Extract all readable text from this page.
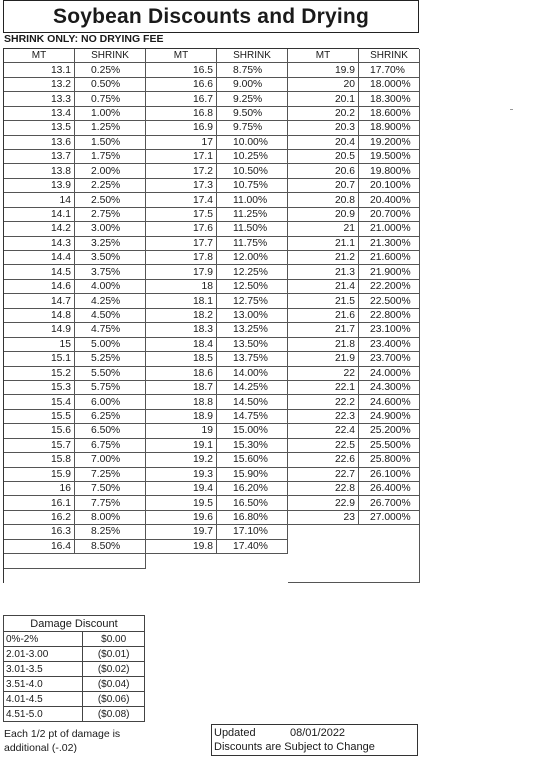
Soybean Discounts and Drying
SHRINK ONLY: NO DRYING FEE
MT	SHRINK	MT	SHRINK	MT	SHRINK
13.1	0.25%	16.5	8.75%	19.9	17.70%
13.2	0.50%	16.6	9.00%	20	18.000%
13.3	0.75%	16.7	9.25%	20.1	18.300%
13.4	1.00%	16.8	9.50%	20.2	18.600%
13.5	1.25%	16.9	9.75%	20.3	18.900%
13.6	1.50%	17	10.00%	20.4	19.200%
13.7	1.75%	17.1	10.25%	20.5	19.500%
13.8	2.00%	17.2	10.50%	20.6	19.800%
13.9	2.25%	17.3	10.75%	20.7	20.100%
14	2.50%	17.4	11.00%	20.8	20.400%
14.1	2.75%	17.5	11.25%	20.9	20.700%
14.2	3.00%	17.6	11.50%	21	21.000%
14.3	3.25%	17.7	11.75%	21.1	21.300%
14.4	3.50%	17.8	12.00%	21.2	21.600%
14.5	3.75%	17.9	12.25%	21.3	21.900%
14.6	4.00%	18	12.50%	21.4	22.200%
14.7	4.25%	18.1	12.75%	21.5	22.500%
14.8	4.50%	18.2	13.00%	21.6	22.800%
14.9	4.75%	18.3	13.25%	21.7	23.100%
15	5.00%	18.4	13.50%	21.8	23.400%
15.1	5.25%	18.5	13.75%	21.9	23.700%
15.2	5.50%	18.6	14.00%	22	24.000%
15.3	5.75%	18.7	14.25%	22.1	24.300%
15.4	6.00%	18.8	14.50%	22.2	24.600%
15.5	6.25%	18.9	14.75%	22.3	24.900%
15.6	6.50%	19	15.00%	22.4	25.200%
15.7	6.75%	19.1	15.30%	22.5	25.500%
15.8	7.00%	19.2	15.60%	22.6	25.800%
15.9	7.25%	19.3	15.90%	22.7	26.100%
16	7.50%	19.4	16.20%	22.8	26.400%
16.1	7.75%	19.5	16.50%	22.9	26.700%
16.2	8.00%	19.6	16.80%	23	27.000%
16.3	8.25%	19.7	17.10%
16.4	8.50%	19.8	17.40%
Damage Discount	
0%-2%	$0.00
2.01-3.00	($0.01)
3.01-3.5	($0.02)
3.51-4.0	($0.04)
4.01-4.5	($0.06)
4.51-5.0	($0.08)
Each 1/2 pt of damage is
additional (-.02)
Updated	08/01/2022
Discounts are Subject to Change
